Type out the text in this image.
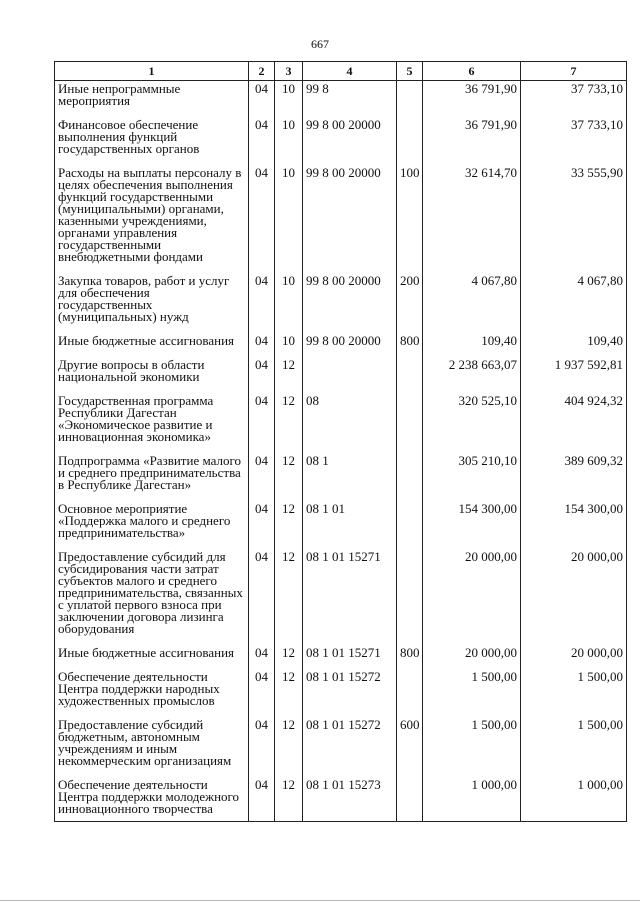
667
1	2	3	4	5	6	7
Иные непрограммные мероприятия	04	10	99 8		36 791,90	37 733,10
Финансовое обеспечение выполнения функций государственных органов	04	10	99 8 00 20000		36 791,90	37 733,10
Расходы на выплаты персоналу в целях обеспечения выполнения функций государственными (муниципальными) органами, казенными учреждениями, органами управления государственными внебюджетными фондами	04	10	99 8 00 20000	100	32 614,70	33 555,90
Закупка товаров, работ и услуг для обеспечения государственных (муниципальных) нужд	04	10	99 8 00 20000	200	4 067,80	4 067,80
Иные бюджетные ассигнования	04	10	99 8 00 20000	800	109,40	109,40
Другие вопросы в области национальной экономики	04	12			2 238 663,07	1 937 592,81
Государственная программа Республики Дагестан «Экономическое развитие и инновационная экономика»	04	12	08		320 525,10	404 924,32
Подпрограмма «Развитие малого и среднего предпринимательства в Республике Дагестан»	04	12	08 1		305 210,10	389 609,32
Основное мероприятие «Поддержка малого и среднего предпринимательства»	04	12	08 1 01		154 300,00	154 300,00
Предоставление субсидий для субсидирования части затрат субъектов малого и среднего предпринимательства, связанных с уплатой первого взноса при заключении договора лизинга оборудования	04	12	08 1 01 15271		20 000,00	20 000,00
Иные бюджетные ассигнования	04	12	08 1 01 15271	800	20 000,00	20 000,00
Обеспечение деятельности Центра поддержки народных художественных промыслов	04	12	08 1 01 15272		1 500,00	1 500,00
Предоставление субсидий бюджетным, автономным учреждениям и иным некоммерческим организациям	04	12	08 1 01 15272	600	1 500,00	1 500,00
Обеспечение деятельности Центра поддержки молодежного инновационного творчества	04	12	08 1 01 15273		1 000,00	1 000,00
